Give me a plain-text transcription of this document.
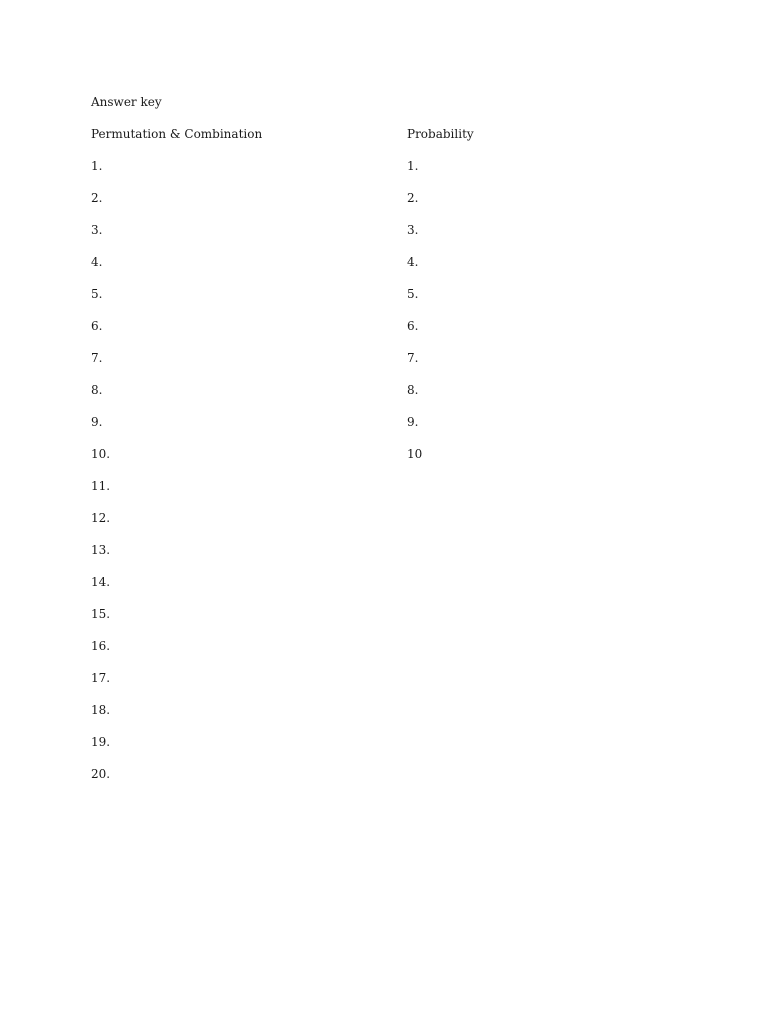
Answer key
Permutation & Combination
1.
2.
3.
4.
5.
6.
7.
8.
9.
10.
11.
12.
13.
14.
15.
16.
17.
18.
19.
20.
Probability
1.
2.
3.
4.
5.
6.
7.
8.
9.
10
